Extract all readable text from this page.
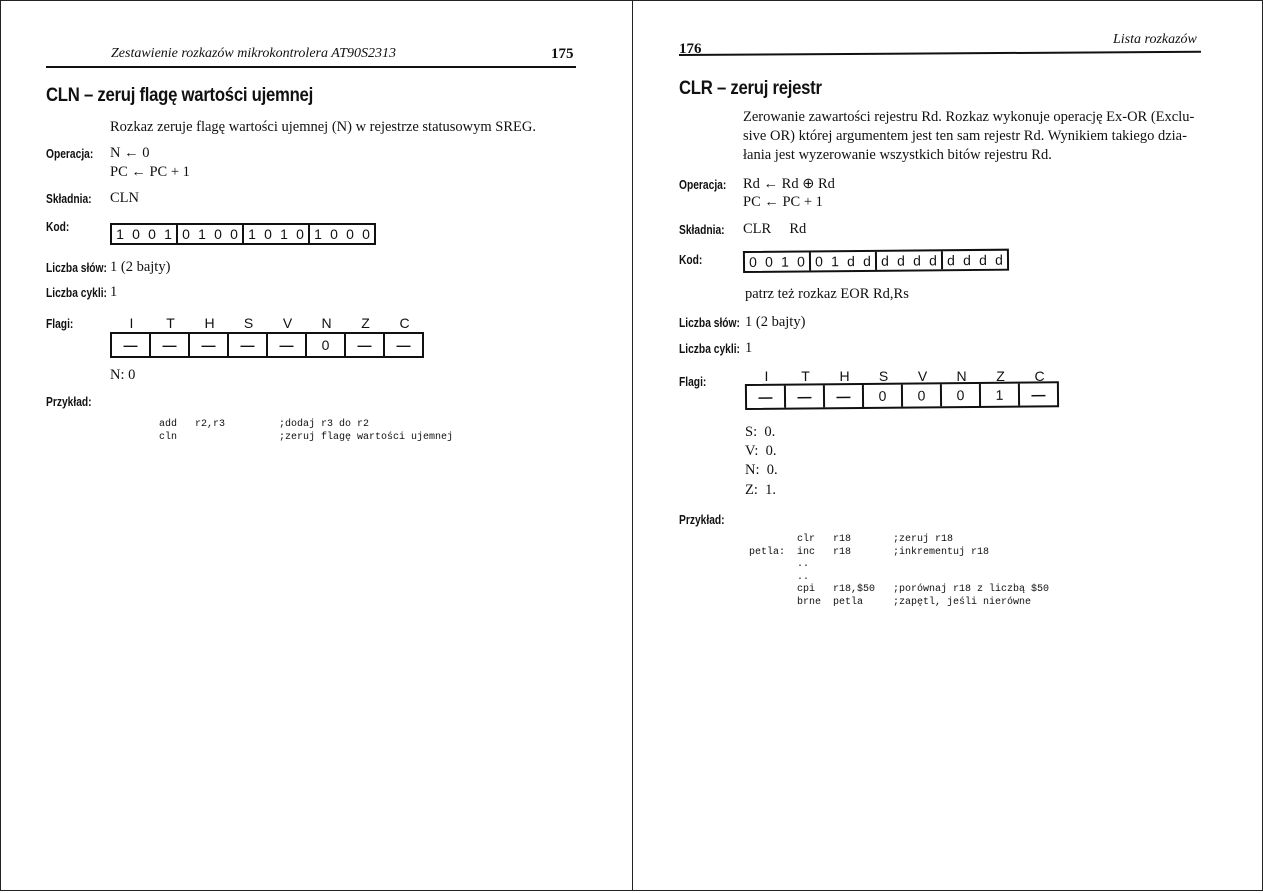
Zestawienie rozkazów mikrokontrolera AT90S2313	175
CLN – zeruj flagę wartości ujemnej
Rozkaz zeruje flagę wartości ujemnej (N) w rejestrze statusowym SREG.
Operacja: N ← 0
PC ← PC + 1
Składnia: CLN
Kod:	1 0 0 1 0 1 0 0 1 0 1 0 1 0 0 0
Liczba słów: 1 (2 bajty)
Liczba cykli: 1
Flagi:	I	T	H	S	V	N	Z	C
—	—	—	—	—	0	—	—
N: 0
Przykład:
add   r2,r3         ;dodaj r3 do r2
cln                 ;zeruj flagę wartości ujemnej
176
Lista rozkazów
CLR – zeruj rejestr
Zerowanie zawartości rejestru Rd. Rozkaz wykonuje operację Ex-OR (Exclu-
sive OR) której argumentem jest ten sam rejestr Rd. Wynikiem takiego dzia-
łania jest wyzerowanie wszystkich bitów rejestru Rd.
Operacja: Rd ← Rd ⊕ Rd
PC ← PC + 1
Składnia: CLR     Rd
Kod:	0 0 1 0 0 1 d d d d d d d d d d
patrz też rozkaz EOR Rd,Rs
Liczba słów: 1 (2 bajty)
Liczba cykli: 1
Flagi:	I	T	H	S	V	N	Z	C
—	—	—	0	0	0	1	—
S:  0.
V:  0.
N:  0.
Z:  1.
Przykład:
clr   r18       ;zeruj r18
petla:  inc   r18       ;inkrementuj r18
..
..
cpi   r18,$50   ;porównaj r18 z liczbą $50
brne  petla     ;zapętl, jeśli nierówne
